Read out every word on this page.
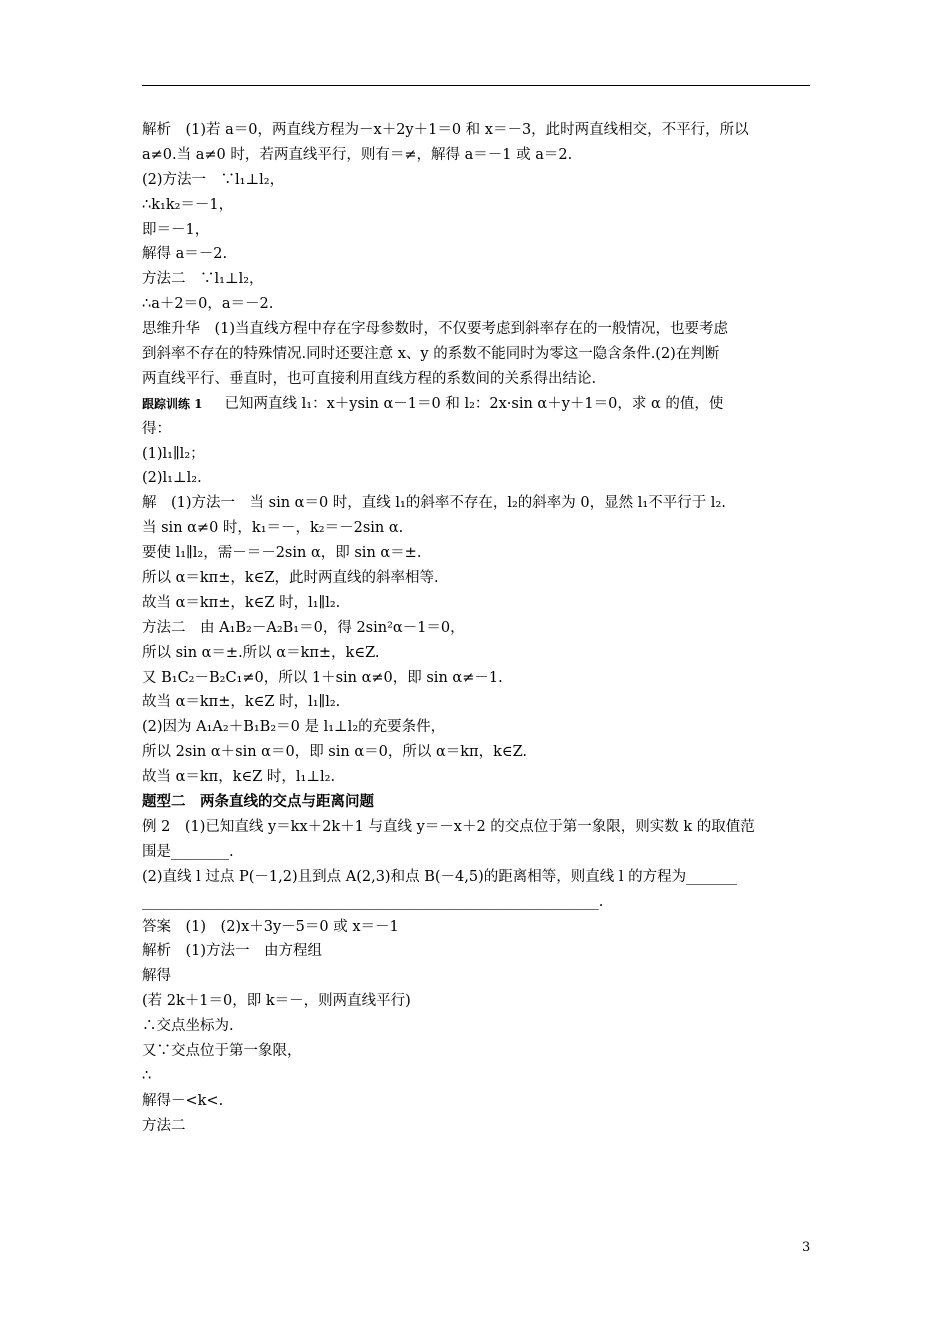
解析　(1)若 a＝0，两直线方程为－x＋2y＋1＝0 和 x＝－3，此时两直线相交，不平行，所以
a≠0.当 a≠0 时，若两直线平行，则有＝≠，解得 a＝－1 或 a＝2.
(2)方法一　∵l₁⊥l₂，
∴k₁k₂＝－1，
即＝－1，
解得 a＝－2.
方法二　∵l₁⊥l₂，
∴a＋2＝0，a＝－2.
思维升华　(1)当直线方程中存在字母参数时，不仅要考虑到斜率存在的一般情况，也要考虑
到斜率不存在的特殊情况.同时还要注意 x、y 的系数不能同时为零这一隐含条件.(2)在判断
两直线平行、垂直时，也可直接利用直线方程的系数间的关系得出结论.
跟踪训练 1 已知两直线 l₁：x＋ysin α－1＝0 和 l₂：2x·sin α＋y＋1＝0，求 α 的值，使
得：
(1)l₁∥l₂；
(2)l₁⊥l₂.
解　(1)方法一　当 sin α＝0 时，直线 l₁的斜率不存在，l₂的斜率为 0，显然 l₁不平行于 l₂.
当 sin α≠0 时，k₁＝－，k₂＝－2sin α.
要使 l₁∥l₂，需－＝－2sin α，即 sin α＝±.
所以 α＝kπ±，k∈Z，此时两直线的斜率相等.
故当 α＝kπ±，k∈Z 时，l₁∥l₂.
方法二　由 A₁B₂－A₂B₁＝0，得 2sin²α－1＝0，
所以 sin α＝±.所以 α＝kπ±，k∈Z.
又 B₁C₂－B₂C₁≠0，所以 1＋sin α≠0，即 sin α≠－1.
故当 α＝kπ±，k∈Z 时，l₁∥l₂.
(2)因为 A₁A₂＋B₁B₂＝0 是 l₁⊥l₂的充要条件，
所以 2sin α＋sin α＝0，即 sin α＝0，所以 α＝kπ，k∈Z.
故当 α＝kπ，k∈Z 时，l₁⊥l₂.
题型二　两条直线的交点与距离问题
例 2　(1)已知直线 y＝kx＋2k＋1 与直线 y＝－x＋2 的交点位于第一象限，则实数 k 的取值范
围是________.
(2)直线 l 过点 P(－1,2)且到点 A(2,3)和点 B(－4,5)的距离相等，则直线 l 的方程为_______
_______________________________________________________________.
答案　(1)　(2)x＋3y－5＝0 或 x＝－1
解析　(1)方法一　由方程组
解得
(若 2k＋1＝0，即 k＝－，则两直线平行)
∴交点坐标为.
又∵交点位于第一象限，
∴
解得－<k<.
方法二
3
